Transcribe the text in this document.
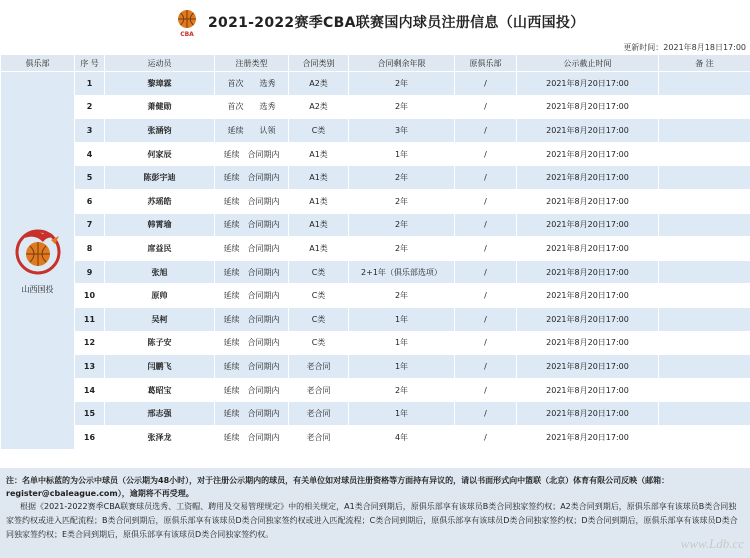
CBA
2021-2022赛季CBA联赛国内球员注册信息（山西国投）
更新时间：2021年8月18日17:00
俱乐部	序 号	运动员	注册类型	合同类别	合同剩余年限	原俱乐部	公示截止时间	备 注

山西国投	1	黎璋霖	首次　　选秀	A2类	2年	/	2021年8月20日17:00	
	2	萧健勋	首次　　选秀	A2类	2年	/	2021年8月20日17:00	
	3	张涵钧	延续　　认领	C类	3年	/	2021年8月20日17:00	
	4	何家辰	延续　合同期内	A1类	1年	/	2021年8月20日17:00	
	5	陈彭宇迪	延续　合同期内	A1类	2年	/	2021年8月20日17:00	
	6	苏瑶皓	延续　合同期内	A1类	2年	/	2021年8月20日17:00	
	7	韩霄瑜	延续　合同期内	A1类	2年	/	2021年8月20日17:00	
	8	席益民	延续　合同期内	A1类	2年	/	2021年8月20日17:00	
	9	张旭	延续　合同期内	C类	2+1年（俱乐部选项）	/	2021年8月20日17:00	
	10	原帅	延续　合同期内	C类	2年	/	2021年8月20日17:00	
	11	吴柯	延续　合同期内	C类	1年	/	2021年8月20日17:00	
	12	陈子安	延续　合同期内	C类	1年	/	2021年8月20日17:00	
	13	闫鹏飞	延续　合同期内	老合同	1年	/	2021年8月20日17:00	
	14	葛昭宝	延续　合同期内	老合同	2年	/	2021年8月20日17:00	
	15	邢志强	延续　合同期内	老合同	1年	/	2021年8月20日17:00	
	16	张泽龙	延续　合同期内	老合同	4年	/	2021年8月20日17:00	
注：名单中标蓝的为公示中球员（公示期为48小时），对于注册公示期内的球员，有关单位如对球员注册资格等方面持有异议的，请以书面形式向中篮联（北京）体育有限公司反映（邮箱：register@cbaleague.com），逾期将不再受理。
根据《2021-2022赛季CBA联赛球员选秀、工资帽、聘用及交易管理规定》中的相关规定，A1类合同到期后，原俱乐部享有该球员B类合同独家签约权；A2类合同到期后，原俱乐部享有该球员B类合同独家签约权或进入匹配流程；B类合同到期后，原俱乐部享有该球员D类合同独家签约权或进入匹配流程；C类合同到期后，原俱乐部享有该球员D类合同独家签约权；D类合同到期后，原俱乐部享有该球员D类合同独家签约权；E类合同到期后，原俱乐部享有该球员D类合同独家签约权。
www.Ldb.cc
